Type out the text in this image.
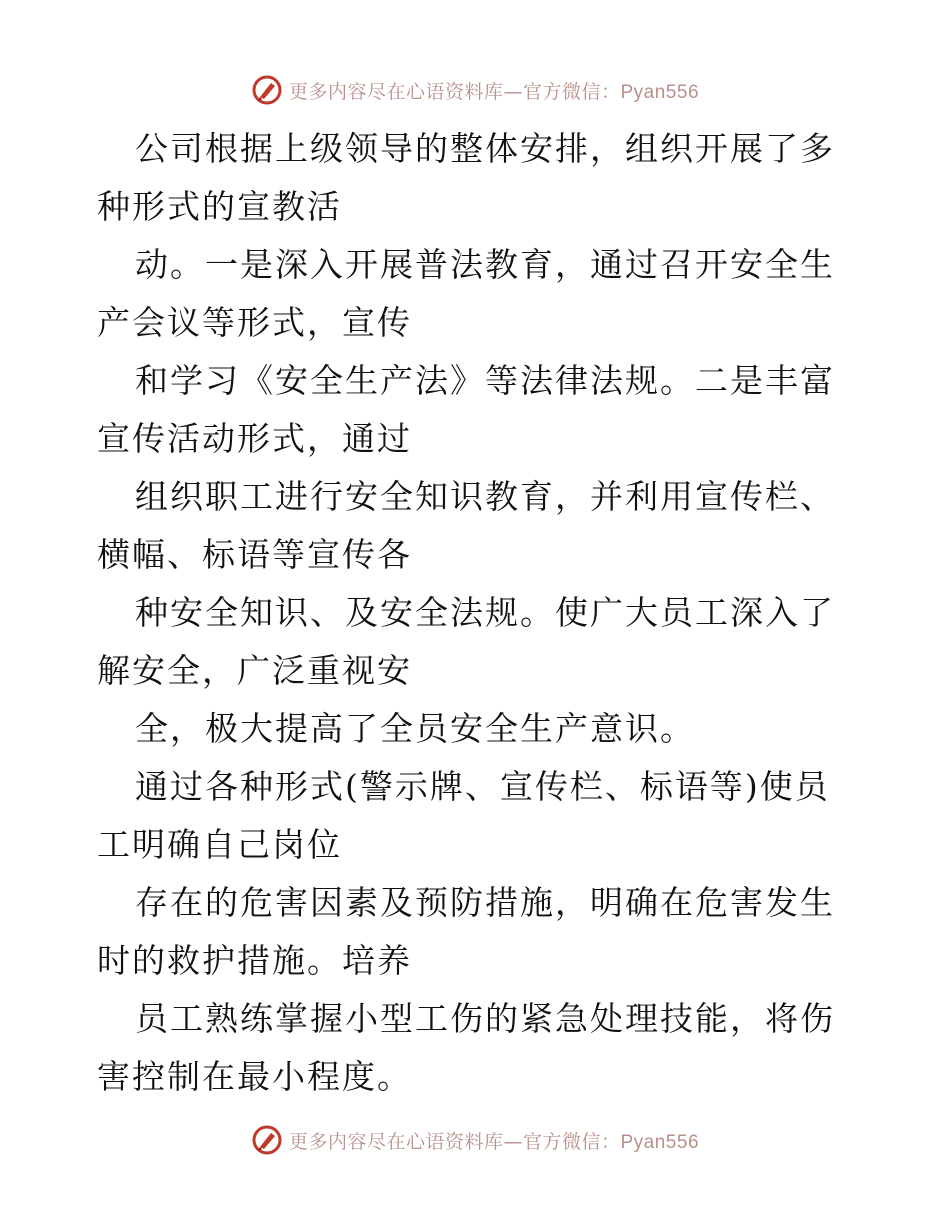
更多内容尽在心语资料库—官方微信：Pyan556

公司根据上级领导的整体安排，组织开展了多种形式的宣教活

动。一是深入开展普法教育，通过召开安全生产会议等形式，宣传

和学习《安全生产法》等法律法规。二是丰富宣传活动形式，通过

组织职工进行安全知识教育，并利用宣传栏、横幅、标语等宣传各

种安全知识、及安全法规。使广大员工深入了解安全，广泛重视安

全，极大提高了全员安全生产意识。

通过各种形式(警示牌、宣传栏、标语等)使员工明确自己岗位

存在的危害因素及预防措施，明确在危害发生时的救护措施。培养

员工熟练掌握小型工伤的紧急处理技能，将伤害控制在最小程度。

更多内容尽在心语资料库—官方微信：Pyan556
